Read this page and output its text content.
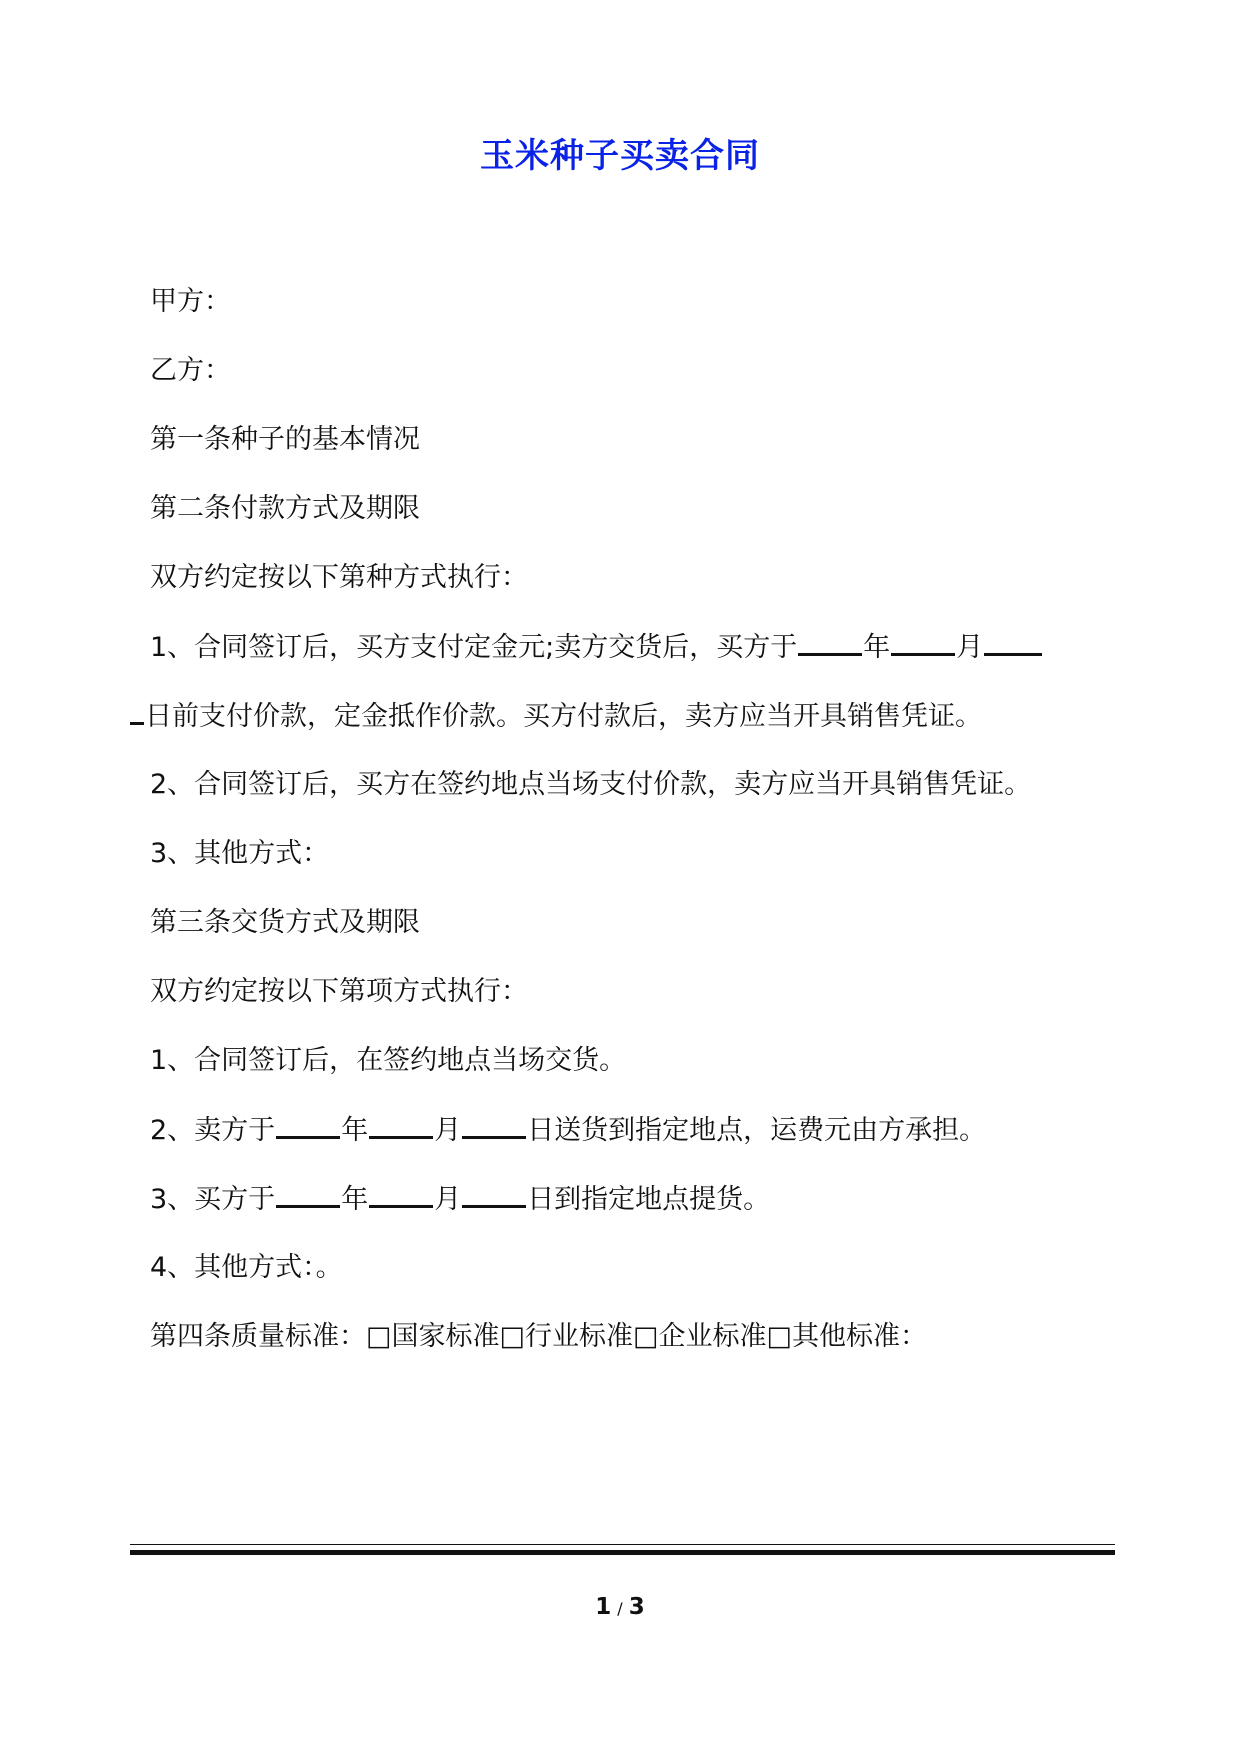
玉米种子买卖合同
甲方：
乙方：
第一条种子的基本情况
第二条付款方式及期限
双方约定按以下第种方式执行：
1、合同签订后，买方支付定金元;卖方交货后，买方于 年 月
日前支付价款，定金抵作价款。买方付款后，卖方应当开具销售凭证。
2、合同签订后，买方在签约地点当场支付价款，卖方应当开具销售凭证。
3、其他方式：
第三条交货方式及期限
双方约定按以下第项方式执行：
1、合同签订后，在签约地点当场交货。
2、卖方于 年 月 日送货到指定地点，运费元由方承担。
3、买方于 年 月 日到指定地点提货。
4、其他方式：。
第四条质量标准：□国家标准□行业标准□企业标准□其他标准：
1 / 3
